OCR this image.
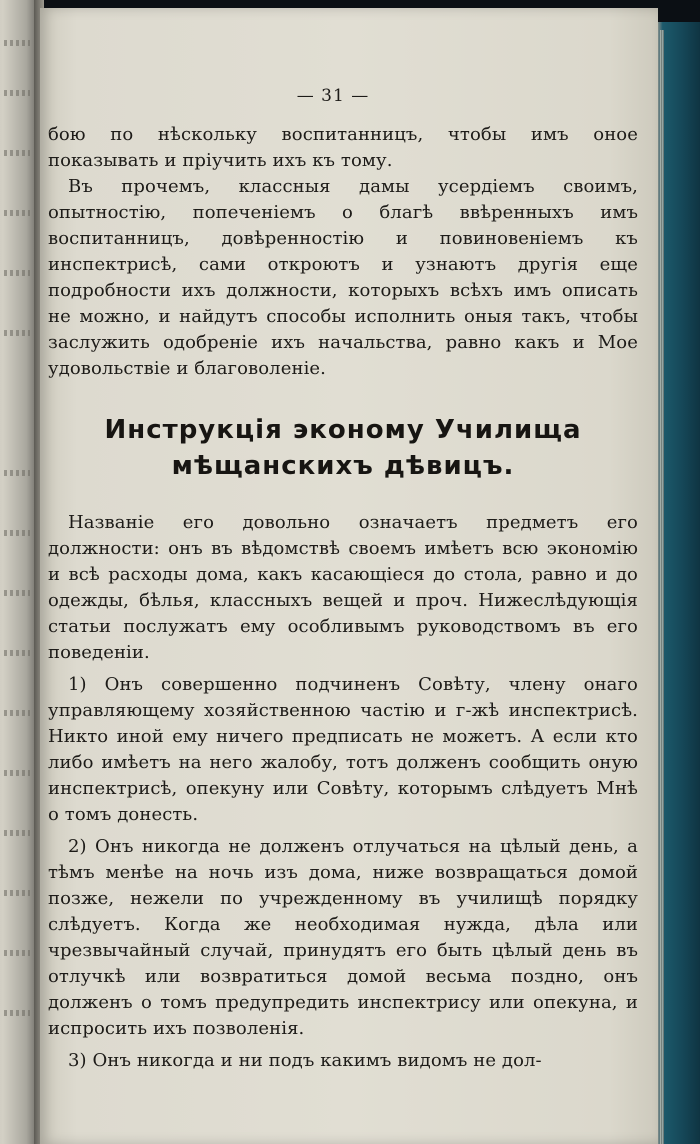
— 31 —

бою по нѣскольку воспитанницъ, чтобы имъ оное показывать и пріучить ихъ къ тому.

Въ прочемъ, классныя дамы усердіемъ своимъ, опытностію, попеченіемъ о благѣ ввѣренныхъ имъ воспитанницъ, довѣренностію и повиновеніемъ къ инспектрисѣ, сами откроютъ и узнаютъ другія еще подробности ихъ должности, которыхъ всѣхъ имъ описать не можно, и найдутъ способы исполнить оныя такъ, чтобы заслужить одобреніе ихъ начальства, равно какъ и Мое удовольствіе и благоволеніе.

Инструкція эконому Училища
мѣщанскихъ дѣвицъ.

Названіе его довольно означаетъ предметъ его должности: онъ въ вѣдомствѣ своемъ имѣетъ всю экономію и всѣ расходы дома, какъ касающіеся до стола, равно и до одежды, бѣлья, классныхъ вещей и проч. Нижеслѣдующія статьи послужатъ ему особливымъ руководствомъ въ его поведеніи.

1) Онъ совершенно подчиненъ Совѣту, члену онаго управляющему хозяйственною частію и г-жѣ инспектрисѣ. Никто иной ему ничего предписать не можетъ. А если кто либо имѣетъ на него жалобу, тотъ долженъ сообщить оную инспектрисѣ, опекуну или Совѣту, которымъ слѣдуетъ Мнѣ о томъ донесть.

2) Онъ никогда не долженъ отлучаться на цѣлый день, а тѣмъ менѣе на ночь изъ дома, ниже возвращаться домой позже, нежели по учрежденному въ училищѣ порядку слѣдуетъ. Когда же необходимая нужда, дѣла или чрезвычайный случай, принудятъ его быть цѣлый день въ отлучкѣ или возвратиться домой весьма поздно, онъ долженъ о томъ предупредить инспектрису или опекуна, и испросить ихъ позволенія.

3) Онъ никогда и ни подъ какимъ видомъ не дол-
